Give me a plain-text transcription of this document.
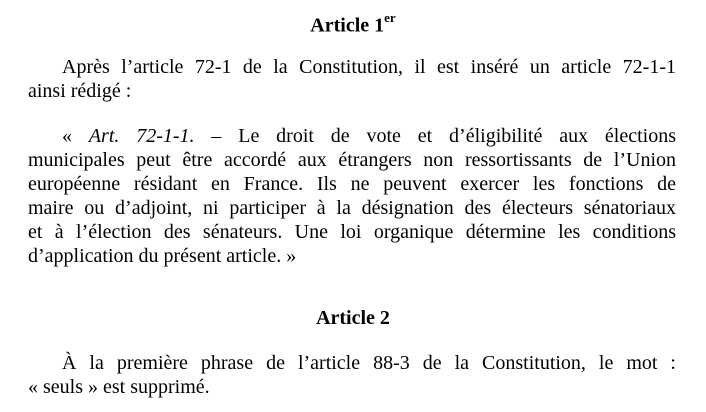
Article 1er
Après l’article 72-1 de la Constitution, il est inséré un article 72-1-1
ainsi rédigé :
« Art. 72-1-1. – Le droit de vote et d’éligibilité aux élections
municipales peut être accordé aux étrangers non ressortissants de l’Union
européenne résidant en France. Ils ne peuvent exercer les fonctions de
maire ou d’adjoint, ni participer à la désignation des électeurs sénatoriaux
et à l’élection des sénateurs. Une loi organique détermine les conditions
d’application du présent article. »
Article 2
À la première phrase de l’article 88-3 de la Constitution, le mot :
« seuls » est supprimé.
